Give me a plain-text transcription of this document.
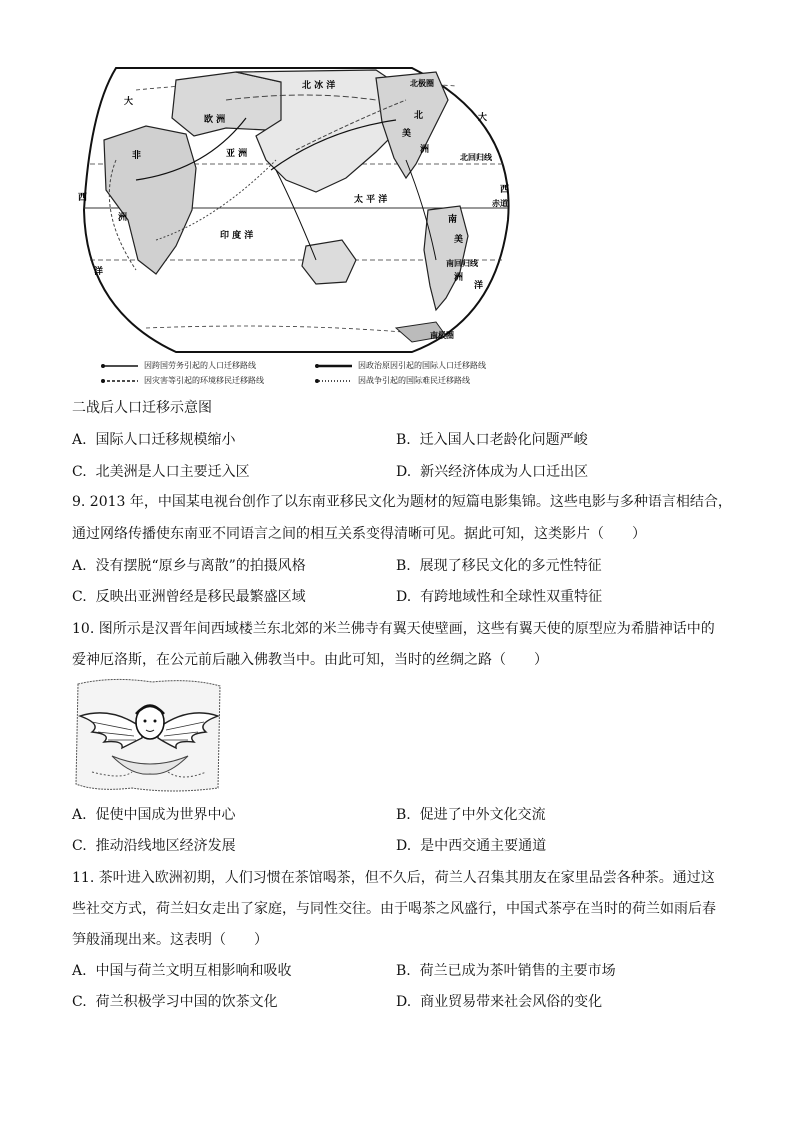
北 冰 洋	北极圈
欧 洲
亚 洲
非
大
西
洲
洋
印 度 洋
太 平 洋
北
美
洲
大
北回归线
西
赤道
南
美
南回归线
洲
洋
南极圈
因跨国劳务引起的人口迁移路线	因政治原因引起的国际人口迁移路线
因灾害等引起的环境移民迁移路线	因战争引起的国际难民迁移路线
二战后人口迁移示意图
A. 国际人口迁移规模缩小	B. 迁入国人口老龄化问题严峻
C. 北美洲是人口主要迁入区	D. 新兴经济体成为人口迁出区
9. 2013 年，中国某电视台创作了以东南亚移民文化为题材的短篇电影集锦。这些电影与多种语言相结合，
通过网络传播使东南亚不同语言之间的相互关系变得清晰可见。据此可知，这类影片（　　）
A. 没有摆脱“原乡与离散”的拍摄风格	B. 展现了移民文化的多元性特征
C. 反映出亚洲曾经是移民最繁盛区域	D. 有跨地域性和全球性双重特征
10. 图所示是汉晋年间西域楼兰东北郊的米兰佛寺有翼天使壁画，这些有翼天使的原型应为希腊神话中的
爱神厄洛斯，在公元前后融入佛教当中。由此可知，当时的丝绸之路（　　）
A. 促使中国成为世界中心	B. 促进了中外文化交流
C. 推动沿线地区经济发展	D. 是中西交通主要通道
11. 茶叶进入欧洲初期，人们习惯在茶馆喝茶，但不久后，荷兰人召集其朋友在家里品尝各种茶。通过这
些社交方式，荷兰妇女走出了家庭，与同性交往。由于喝茶之风盛行，中国式茶亭在当时的荷兰如雨后春
笋般涌现出来。这表明（　　）
A. 中国与荷兰文明互相影响和吸收	B. 荷兰已成为茶叶销售的主要市场
C. 荷兰积极学习中国的饮茶文化	D. 商业贸易带来社会风俗的变化
